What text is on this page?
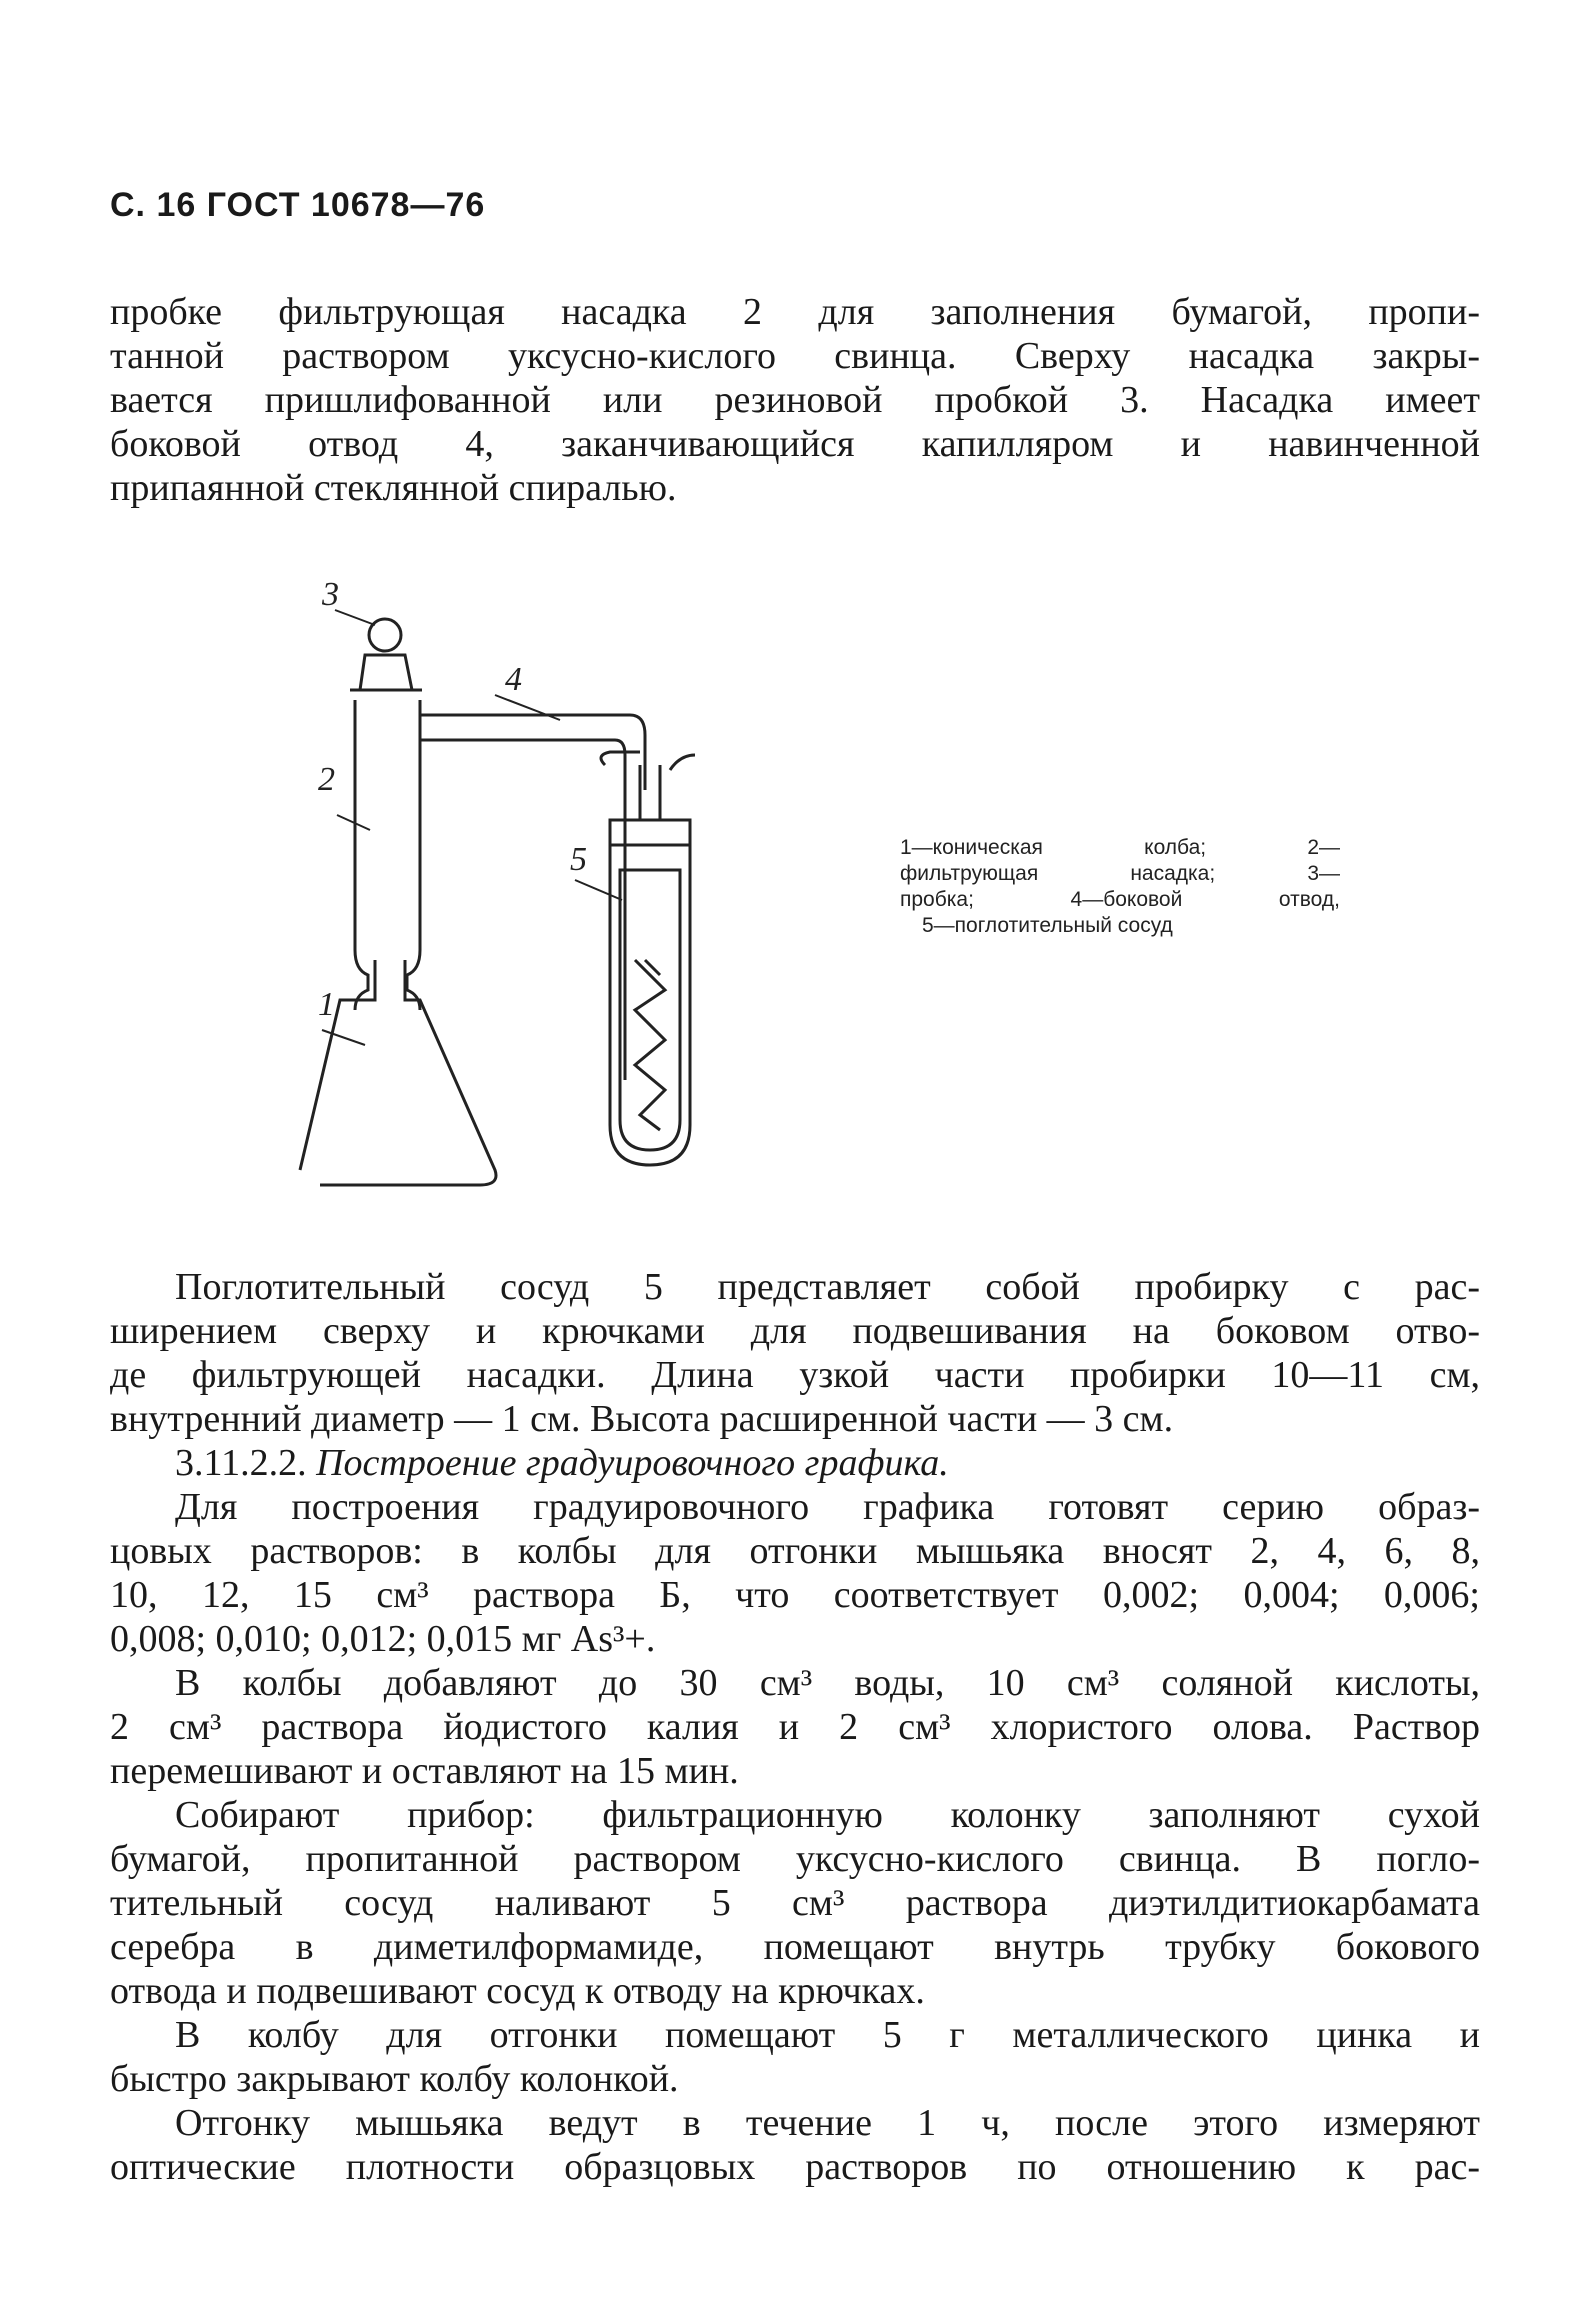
С. 16 ГОСТ 10678—76
пробке фильтрующая насадка 2 для заполнения бумагой, пропи-
танной раствором уксусно-кислого свинца. Сверху насадка закры-
вается пришлифованной или резиновой пробкой 3. Насадка имеет
боковой отвод 4, заканчивающийся капилляром и навинченной
припаянной стеклянной спиралью.
3
2
4
5
1
1—коническая колба; 2—
фильтрующая насадка; 3—
пробка; 4—боковой отвод,
5—поглотительный сосуд
Поглотительный сосуд 5 представляет собой пробирку с рас-
ширением сверху и крючками для подвешивания на боковом отво-
де фильтрующей насадки. Длина узкой части пробирки 10—11 см,
внутренний диаметр — 1 см. Высота расширенной части — 3 см.
3.11.2.2. Построение градуировочного графика.
Для построения градуировочного графика готовят серию образ-
цовых растворов: в колбы для отгонки мышьяка вносят 2, 4, 6, 8,
10, 12, 15 см³ раствора Б, что соответствует 0,002; 0,004; 0,006;
0,008; 0,010; 0,012; 0,015 мг As³+.
В колбы добавляют до 30 см³ воды, 10 см³ соляной кислоты,
2 см³ раствора йодистого калия и 2 см³ хлористого олова. Раствор
перемешивают и оставляют на 15 мин.
Собирают прибор: фильтрационную колонку заполняют сухой
бумагой, пропитанной раствором уксусно-кислого свинца. В погло-
тительный сосуд наливают 5 см³ раствора диэтилдитиокарбамата
серебра в диметилформамиде, помещают внутрь трубку бокового
отвода и подвешивают сосуд к отводу на крючках.
В колбу для отгонки помещают 5 г металлического цинка и
быстро закрывают колбу колонкой.
Отгонку мышьяка ведут в течение 1 ч, после этого измеряют
оптические плотности образцовых растворов по отношению к рас-
